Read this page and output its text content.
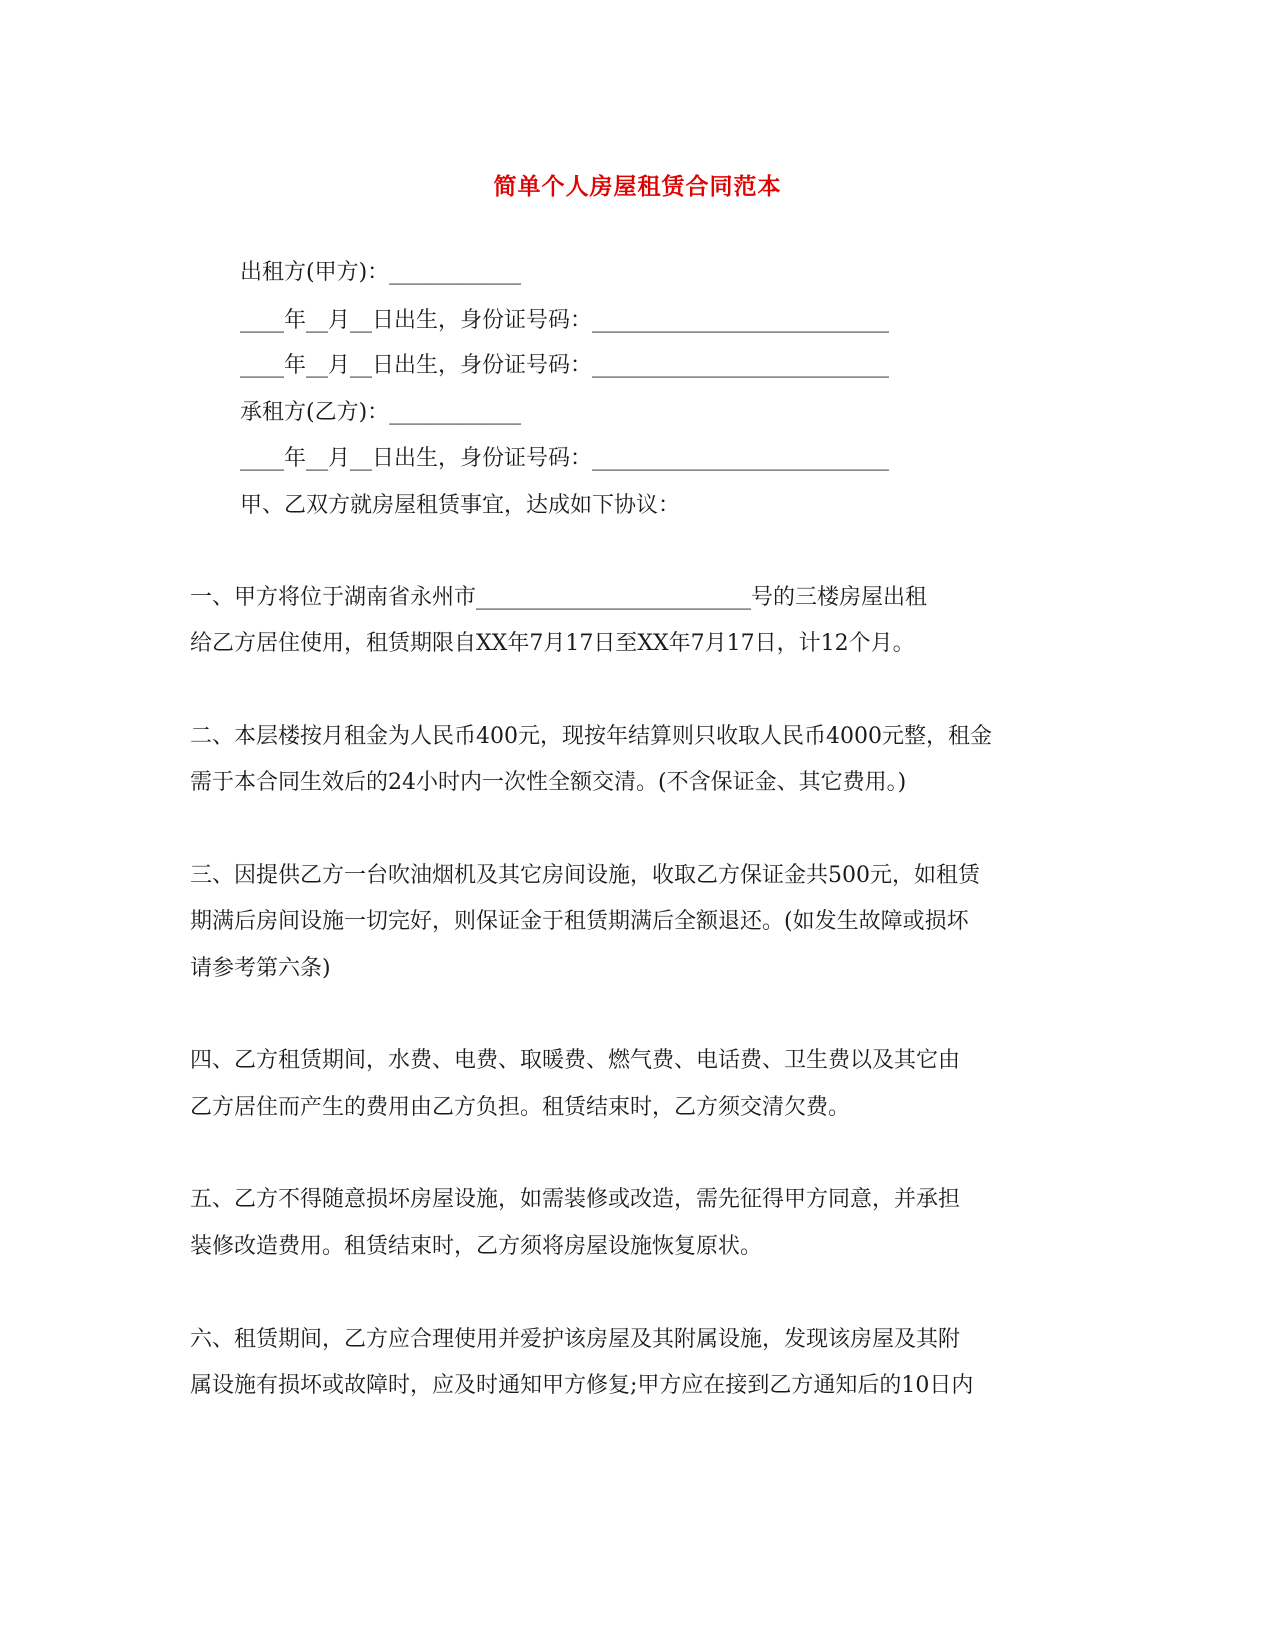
简单个人房屋租赁合同范本
出租方(甲方)：____________
____年__月__日出生，身份证号码：___________________________
____年__月__日出生，身份证号码：___________________________
承租方(乙方)：____________
____年__月__日出生，身份证号码：___________________________
甲、乙双方就房屋租赁事宜，达成如下协议：
一、甲方将位于湖南省永州市_________________________号的三楼房屋出租
给乙方居住使用，租赁期限自XX年7月17日至XX年7月17日，计12个月。
二、本层楼按月租金为人民币400元，现按年结算则只收取人民币4000元整，租金
需于本合同生效后的24小时内一次性全额交清。(不含保证金、其它费用。)
三、因提供乙方一台吹油烟机及其它房间设施，收取乙方保证金共500元，如租赁
期满后房间设施一切完好，则保证金于租赁期满后全额退还。(如发生故障或损坏
请参考第六条)
四、乙方租赁期间，水费、电费、取暖费、燃气费、电话费、卫生费以及其它由
乙方居住而产生的费用由乙方负担。租赁结束时，乙方须交清欠费。
五、乙方不得随意损坏房屋设施，如需装修或改造，需先征得甲方同意，并承担
装修改造费用。租赁结束时，乙方须将房屋设施恢复原状。
六、租赁期间，乙方应合理使用并爱护该房屋及其附属设施，发现该房屋及其附
属设施有损坏或故障时，应及时通知甲方修复;甲方应在接到乙方通知后的10日内
